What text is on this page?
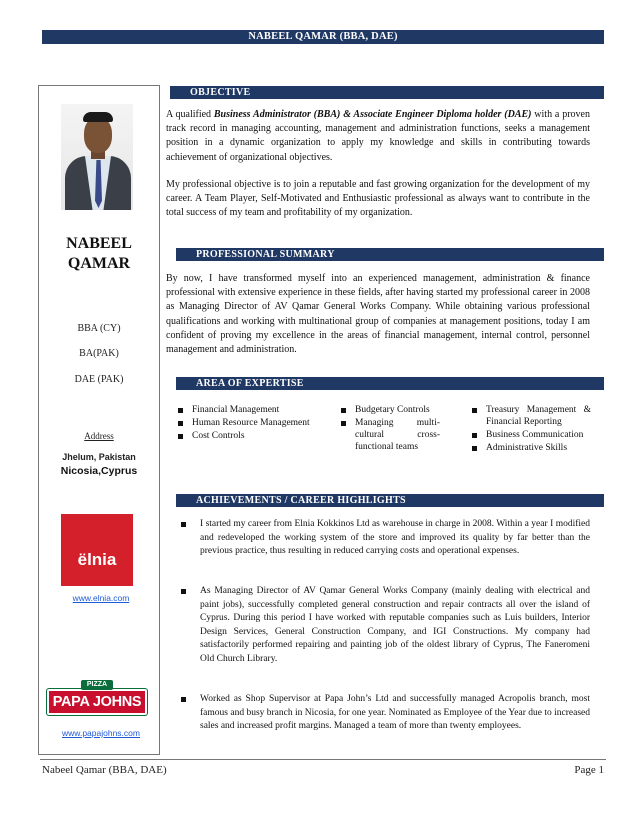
NABEEL QAMAR (BBA, DAE)
NABEEL
QAMAR
BBA (CY)
BA(PAK)
DAE (PAK)
Address
Jhelum, Pakistan
Nicosia,Cyprus
ëlnia
www.elnia.com
PAPA JOHNS
PIZZA
www.papajohns.com
OBJECTIVE
A qualified Business Administrator (BBA) & Associate Engineer Diploma holder (DAE) with a proven track record in managing accounting, management and administration functions, seeks a management position in a dynamic organization to apply my knowledge and skills in contributing towards achievement of organizational objectives.
My professional objective is to join a reputable and fast growing organization for the development of my career. A Team Player, Self-Motivated and Enthusiastic professional as always want to contribute in the total success of my team and profitability of my organization.
PROFESSIONAL SUMMARY
By now, I have transformed myself into an experienced management, administration & finance professional with extensive experience in these fields, after having started my professional career in 2008 as Managing Director of AV Qamar General Works Company. While obtaining various professional qualifications and working with multinational group of companies at management positions, today I am confident of proving my excellence in the areas of financial management, internal control, personnel management and administration.
AREA OF EXPERTISE
Financial Management
Human Resource Management
Cost Controls
Budgetary Controls
Managing multi-cultural cross-functional teams
Treasury Management & Financial Reporting
Business Communication
Administrative Skills
ACHIEVEMENTS / CAREER HIGHLIGHTS
I started my career from Elnia Kokkinos Ltd as warehouse in charge in 2008. Within a year I modified and redeveloped the working system of the store and improved its quality by far better than the previous practice, thus resulting in reduced carrying costs and operational expenses.
As Managing Director of AV Qamar General Works Company (mainly dealing with electrical and paint jobs), successfully completed general construction and repair contracts all over the island of Cyprus. During this period I have worked with reputable companies such as Luis builders, Interior Design Services, General Construction Company, and IGI Constructions. My company had satisfactorily performed repairing and painting job of the oldest library of Cyprus, The Faneromeni Old Church Library.
Worked as Shop Supervisor at Papa John’s Ltd and successfully managed Acropolis branch, most famous and busy branch in Nicosia, for one year. Nominated as Employee of the Year due to increased sales and increased profit margins. Managed a team of more than twenty employees.
Nabeel Qamar (BBA, DAE)	Page 1
